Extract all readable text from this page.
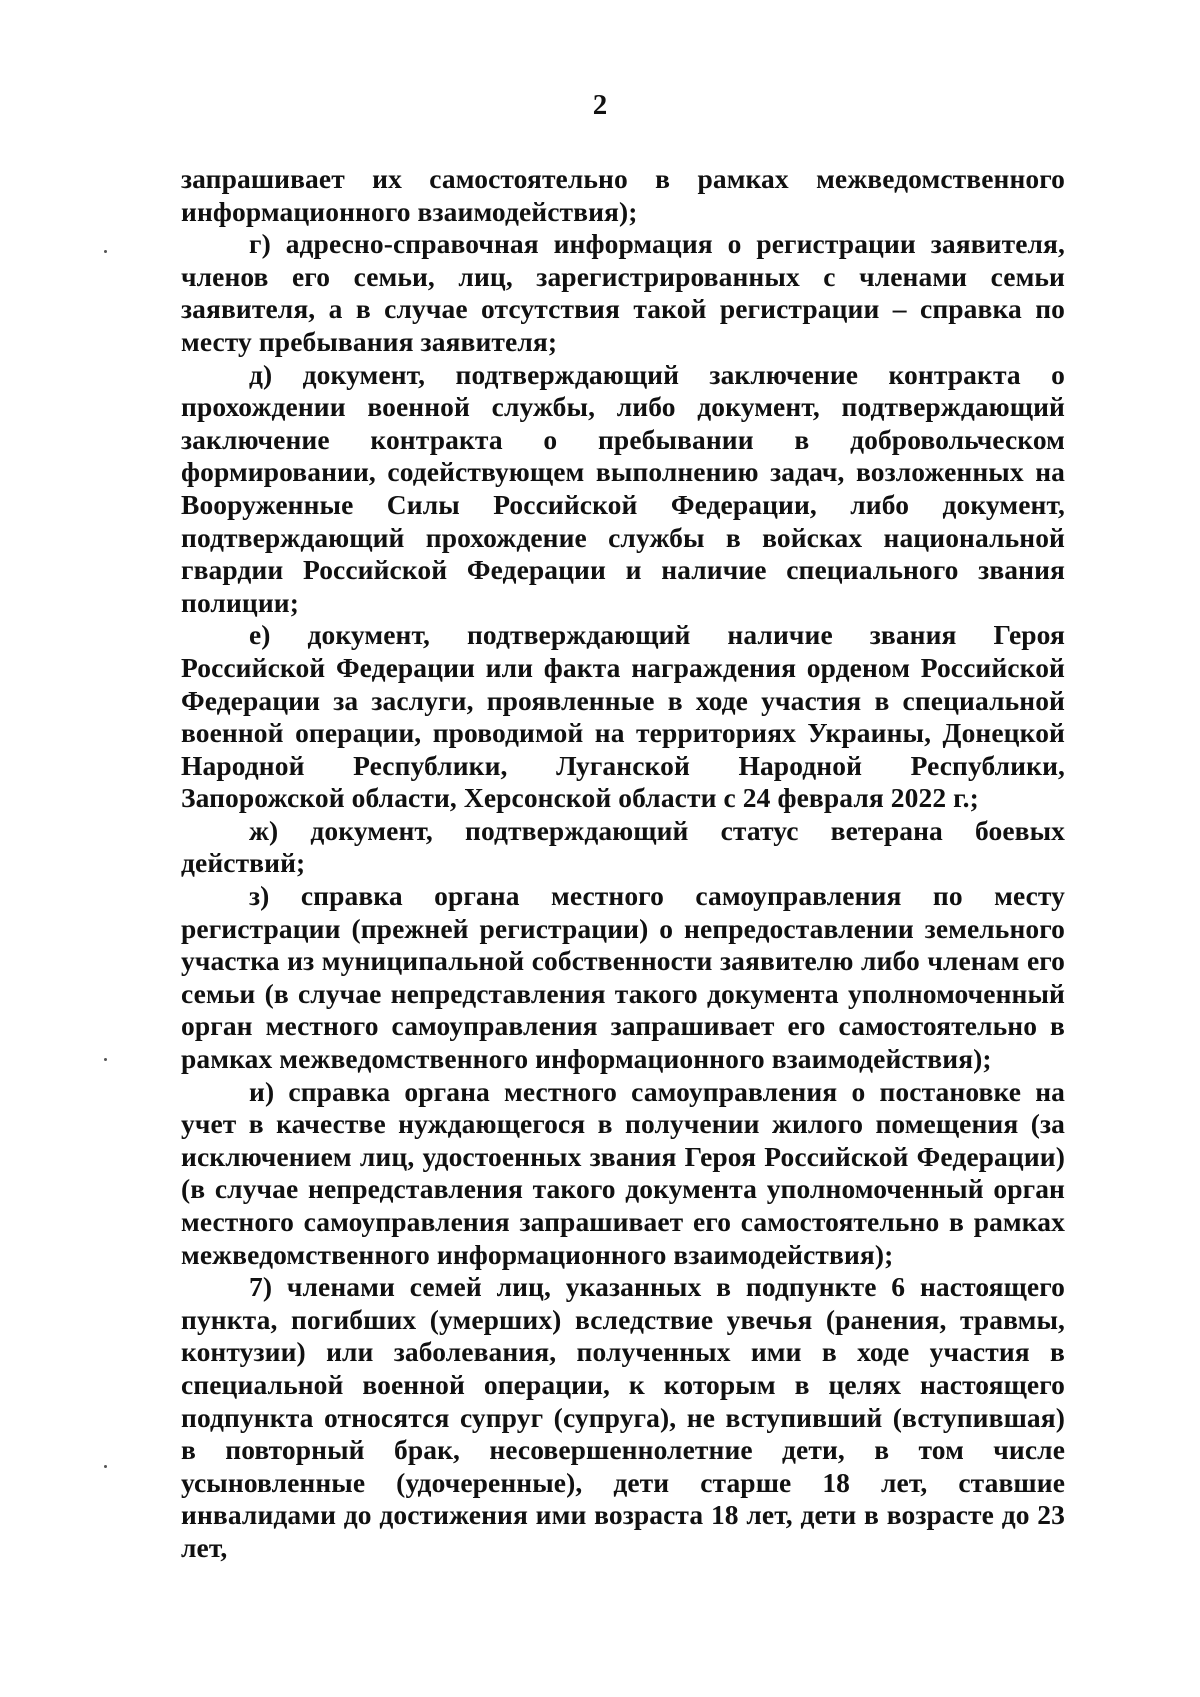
2

запрашивает их самостоятельно в рамках межведомственного информационного взаимодействия);

г) адресно-справочная информация о регистрации заявителя, членов его семьи, лиц, зарегистрированных с членами семьи заявителя, а в случае отсутствия такой регистрации – справка по месту пребывания заявителя;

д) документ, подтверждающий заключение контракта о прохождении военной службы, либо документ, подтверждающий заключение контракта о пребывании в добровольческом формировании, содействующем выполнению задач, возложенных на Вооруженные Силы Российской Федерации, либо документ, подтверждающий прохождение службы в войсках национальной гвардии Российской Федерации и наличие специального звания полиции;

е) документ, подтверждающий наличие звания Героя Российской Федерации или факта награждения орденом Российской Федерации за заслуги, проявленные в ходе участия в специальной военной операции, проводимой на территориях Украины, Донецкой Народной Республики, Луганской Народной Республики, Запорожской области, Херсонской области с 24 февраля 2022 г.;

ж) документ, подтверждающий статус ветерана боевых действий;

з) справка органа местного самоуправления по месту регистрации (прежней регистрации) о непредоставлении земельного участка из муниципальной собственности заявителю либо членам его семьи (в случае непредставления такого документа уполномоченный орган местного самоуправления запрашивает его самостоятельно в рамках межведомственного информационного взаимодействия);

и) справка органа местного самоуправления о постановке на учет в качестве нуждающегося в получении жилого помещения (за исключением лиц, удостоенных звания Героя Российской Федерации) (в случае непредставления такого документа уполномоченный орган местного самоуправления запрашивает его самостоятельно в рамках межведомственного информационного взаимодействия);

7) членами семей лиц, указанных в подпункте 6 настоящего пункта, погибших (умерших) вследствие увечья (ранения, травмы, контузии) или заболевания, полученных ими в ходе участия в специальной военной операции, к которым в целях настоящего подпункта относятся супруг (супруга), не вступивший (вступившая) в повторный брак, несовершеннолетние дети, в том числе усыновленные (удочеренные), дети старше 18 лет, ставшие инвалидами до достижения ими возраста 18 лет, дети в возрасте до 23 лет,
